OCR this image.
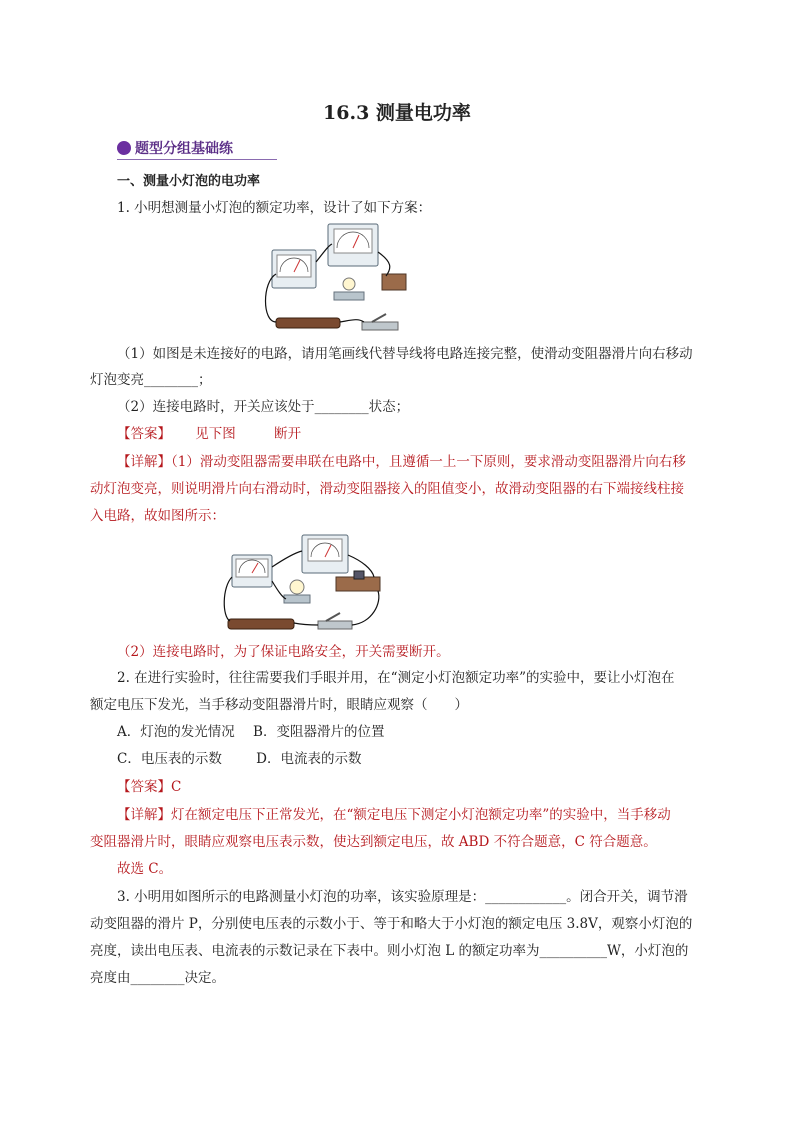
16.3 测量电功率
题型分组基础练
一、测量小灯泡的电功率
1. 小明想测量小灯泡的额定功率，设计了如下方案：
（1）如图是未连接好的电路，请用笔画线代替导线将电路连接完整，使滑动变阻器滑片向右移动
灯泡变亮________；
（2）连接电路时，开关应该处于________状态；
【答案】 见下图	断开
【详解】（1）滑动变阻器需要串联在电路中，且遵循一上一下原则，要求滑动变阻器滑片向右移
动灯泡变亮，则说明滑片向右滑动时，滑动变阻器接入的阻值变小，故滑动变阻器的右下端接线柱接
入电路，故如图所示：
（2）连接电路时，为了保证电路安全，开关需要断开。
2. 在进行实验时，往往需要我们手眼并用，在“测定小灯泡额定功率”的实验中，要让小灯泡在
额定电压下发光，当手移动变阻器滑片时，眼睛应观察（　　）
A．灯泡的发光情况 B．变阻器滑片的位置
C．电压表的示数	D．电流表的示数
【答案】C
【详解】灯在额定电压下正常发光，在“额定电压下测定小灯泡额定功率”的实验中，当手移动
变阻器滑片时，眼睛应观察电压表示数，使达到额定电压，故 ABD 不符合题意，C 符合题意。
故选 C。
3. 小明用如图所示的电路测量小灯泡的功率，该实验原理是：____________。闭合开关，调节滑
动变阻器的滑片 P，分别使电压表的示数小于、等于和略大于小灯泡的额定电压 3.8V，观察小灯泡的
亮度，读出电压表、电流表的示数记录在下表中。则小灯泡 L 的额定功率为__________W，小灯泡的
亮度由________决定。
